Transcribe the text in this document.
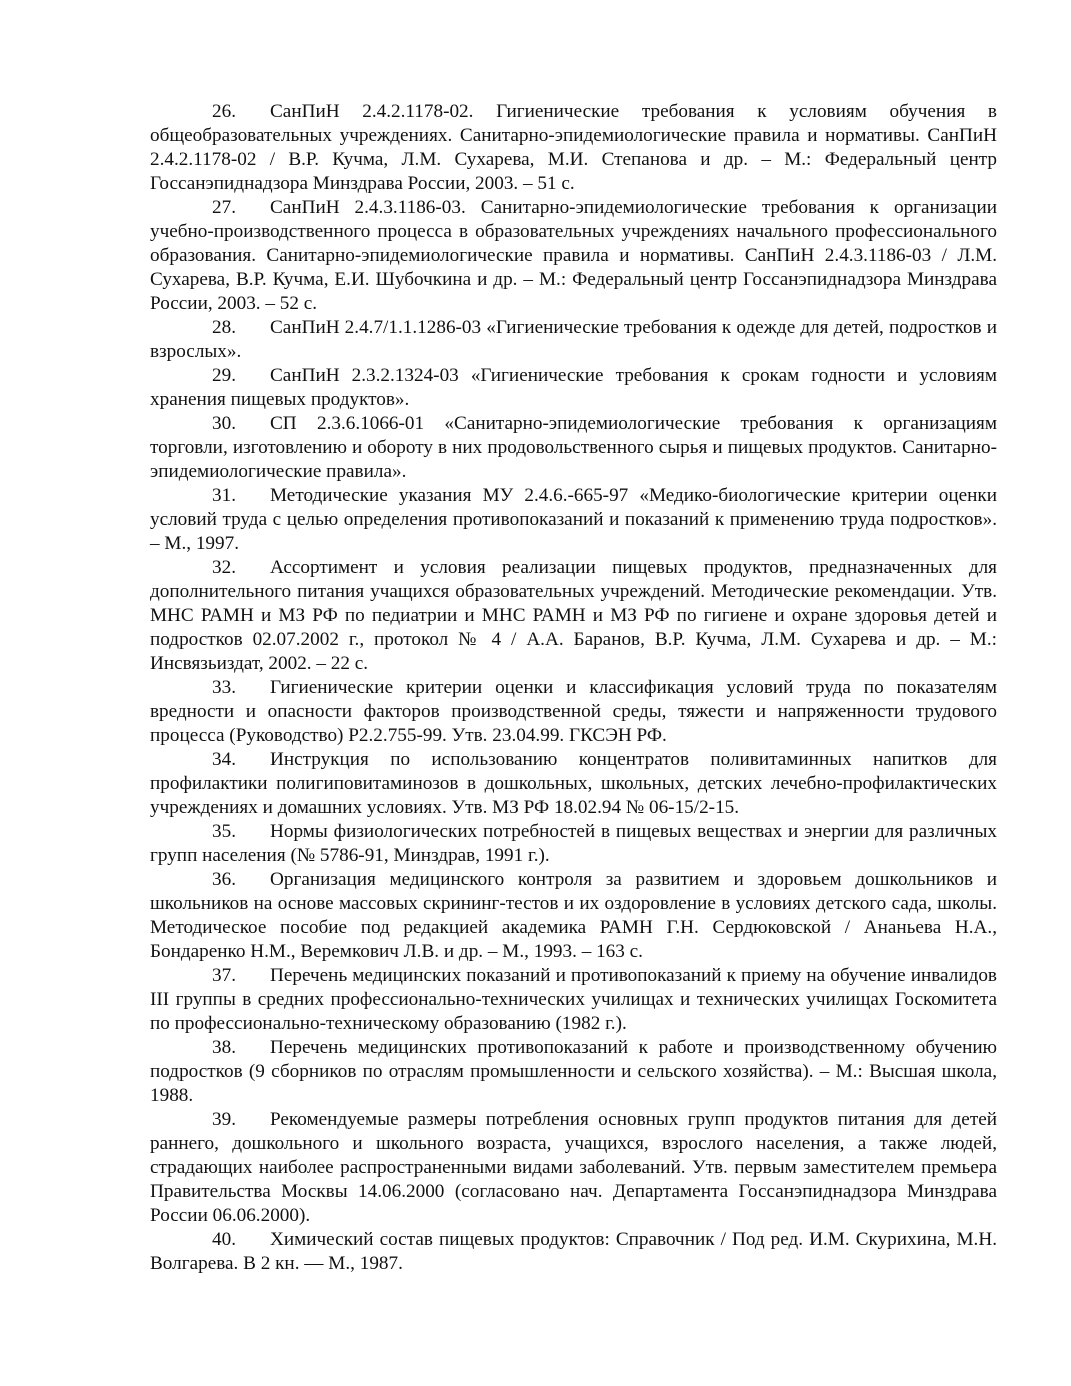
26. СанПиН 2.4.2.1178-02. Гигиенические требования к условиям обучения в общеобразовательных учреждениях. Санитарно-эпидемиологические правила и нормативы. СанПиН 2.4.2.1178-02 / В.Р. Кучма, Л.М. Сухарева, М.И. Степанова и др. – М.: Федеральный центр Госсанэпиднадзора Минздрава России, 2003. – 51 с.
27. СанПиН 2.4.3.1186-03. Санитарно-эпидемиологические требования к организации учебно-производственного процесса в образовательных учреждениях начального профессионального образования. Санитарно-эпидемиологические правила и нормативы. СанПиН 2.4.3.1186-03 / Л.М. Сухарева, В.Р. Кучма, Е.И. Шубочкина и др. – М.: Федеральный центр Госсанэпиднадзора Минздрава России, 2003. – 52 с.
28. СанПиН 2.4.7/1.1.1286-03 «Гигиенические требования к одежде для детей, подростков и взрослых».
29. СанПиН 2.3.2.1324-03 «Гигиенические требования к срокам годности и условиям хранения пищевых продуктов».
30. СП 2.3.6.1066-01 «Санитарно-эпидемиологические требования к организациям торговли, изготовлению и обороту в них продовольственного сырья и пищевых продуктов. Санитарно-эпидемиологические правила».
31. Методические указания МУ 2.4.6.-665-97 «Медико-биологические критерии оценки условий труда с целью определения противопоказаний и показаний к применению труда подростков». – М., 1997.
32. Ассортимент и условия реализации пищевых продуктов, предназначенных для дополнительного питания учащихся образовательных учреждений. Методические рекомендации. Утв. МНС РАМН и МЗ РФ по педиатрии и МНС РАМН и МЗ РФ по гигиене и охране здоровья детей и подростков 02.07.2002 г., протокол № 4 / А.А. Баранов, В.Р. Кучма, Л.М. Сухарева и др. – М.: Инсвязьиздат, 2002. – 22 с.
33. Гигиенические критерии оценки и классификация условий труда по показателям вредности и опасности факторов производственной среды, тяжести и напряженности трудового процесса (Руководство) Р2.2.755-99. Утв. 23.04.99. ГКСЭН РФ.
34. Инструкция по использованию концентратов поливитаминных напитков для профилактики полигиповитаминозов в дошкольных, школьных, детских лечебно-профилактических учреждениях и домашних условиях. Утв. МЗ РФ 18.02.94 № 06-15/2-15.
35. Нормы физиологических потребностей в пищевых веществах и энергии для различных групп населения (№ 5786-91, Минздрав, 1991 г.).
36. Организация медицинского контроля за развитием и здоровьем дошкольников и школьников на основе массовых скрининг-тестов и их оздоровление в условиях детского сада, школы. Методическое пособие под редакцией академика РАМН Г.Н. Сердюковской / Ананьева Н.А., Бондаренко Н.М., Веремкович Л.В. и др. – М., 1993. – 163 с.
37. Перечень медицинских показаний и противопоказаний к приему на обучение инвалидов III группы в средних профессионально-технических училищах и технических училищах Госкомитета по профессионально-техническому образованию (1982 г.).
38. Перечень медицинских противопоказаний к работе и производственному обучению подростков (9 сборников по отраслям промышленности и сельского хозяйства). – М.: Высшая школа, 1988.
39. Рекомендуемые размеры потребления основных групп продуктов питания для детей раннего, дошкольного и школьного возраста, учащихся, взрослого населения, а также людей, страдающих наиболее распространенными видами заболеваний. Утв. первым заместителем премьера Правительства Москвы 14.06.2000 (согласовано нач. Департамента Госсанэпиднадзора Минздрава России 06.06.2000).
40. Химический состав пищевых продуктов: Справочник / Под ред. И.М. Скурихина, М.Н. Волгарева. В 2 кн. — М., 1987.
